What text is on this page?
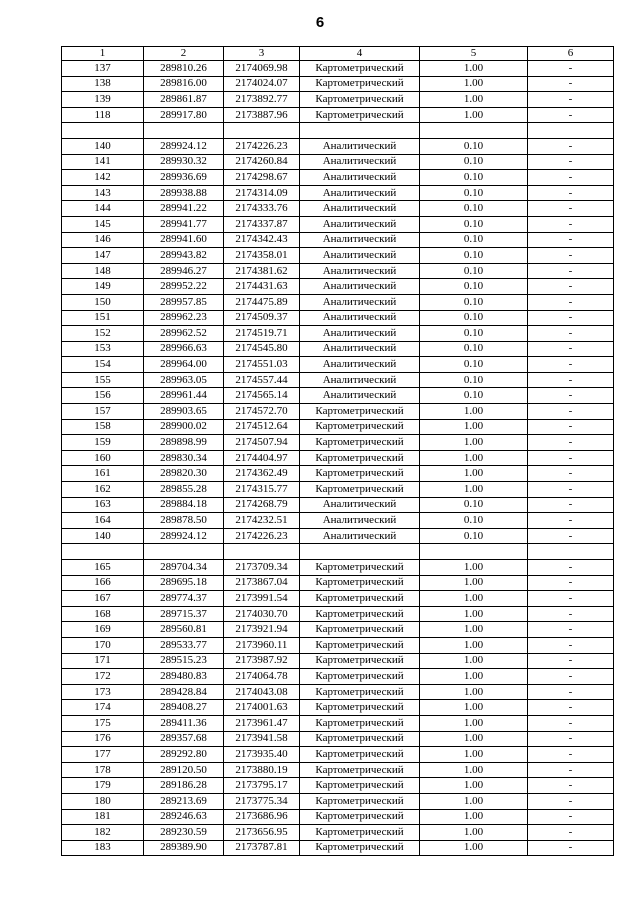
6
1	2	3	4	5	6
137	289810.26	2174069.98	Картометрический	1.00	-
138	289816.00	2174024.07	Картометрический	1.00	-
139	289861.87	2173892.77	Картометрический	1.00	-
118	289917.80	2173887.96	Картометрический	1.00	-

140	289924.12	2174226.23	Аналитический	0.10	-
141	289930.32	2174260.84	Аналитический	0.10	-
142	289936.69	2174298.67	Аналитический	0.10	-
143	289938.88	2174314.09	Аналитический	0.10	-
144	289941.22	2174333.76	Аналитический	0.10	-
145	289941.77	2174337.87	Аналитический	0.10	-
146	289941.60	2174342.43	Аналитический	0.10	-
147	289943.82	2174358.01	Аналитический	0.10	-
148	289946.27	2174381.62	Аналитический	0.10	-
149	289952.22	2174431.63	Аналитический	0.10	-
150	289957.85	2174475.89	Аналитический	0.10	-
151	289962.23	2174509.37	Аналитический	0.10	-
152	289962.52	2174519.71	Аналитический	0.10	-
153	289966.63	2174545.80	Аналитический	0.10	-
154	289964.00	2174551.03	Аналитический	0.10	-
155	289963.05	2174557.44	Аналитический	0.10	-
156	289961.44	2174565.14	Аналитический	0.10	-
157	289903.65	2174572.70	Картометрический	1.00	-
158	289900.02	2174512.64	Картометрический	1.00	-
159	289898.99	2174507.94	Картометрический	1.00	-
160	289830.34	2174404.97	Картометрический	1.00	-
161	289820.30	2174362.49	Картометрический	1.00	-
162	289855.28	2174315.77	Картометрический	1.00	-
163	289884.18	2174268.79	Аналитический	0.10	-
164	289878.50	2174232.51	Аналитический	0.10	-
140	289924.12	2174226.23	Аналитический	0.10	-

165	289704.34	2173709.34	Картометрический	1.00	-
166	289695.18	2173867.04	Картометрический	1.00	-
167	289774.37	2173991.54	Картометрический	1.00	-
168	289715.37	2174030.70	Картометрический	1.00	-
169	289560.81	2173921.94	Картометрический	1.00	-
170	289533.77	2173960.11	Картометрический	1.00	-
171	289515.23	2173987.92	Картометрический	1.00	-
172	289480.83	2174064.78	Картометрический	1.00	-
173	289428.84	2174043.08	Картометрический	1.00	-
174	289408.27	2174001.63	Картометрический	1.00	-
175	289411.36	2173961.47	Картометрический	1.00	-
176	289357.68	2173941.58	Картометрический	1.00	-
177	289292.80	2173935.40	Картометрический	1.00	-
178	289120.50	2173880.19	Картометрический	1.00	-
179	289186.28	2173795.17	Картометрический	1.00	-
180	289213.69	2173775.34	Картометрический	1.00	-
181	289246.63	2173686.96	Картометрический	1.00	-
182	289230.59	2173656.95	Картометрический	1.00	-
183	289389.90	2173787.81	Картометрический	1.00	-
